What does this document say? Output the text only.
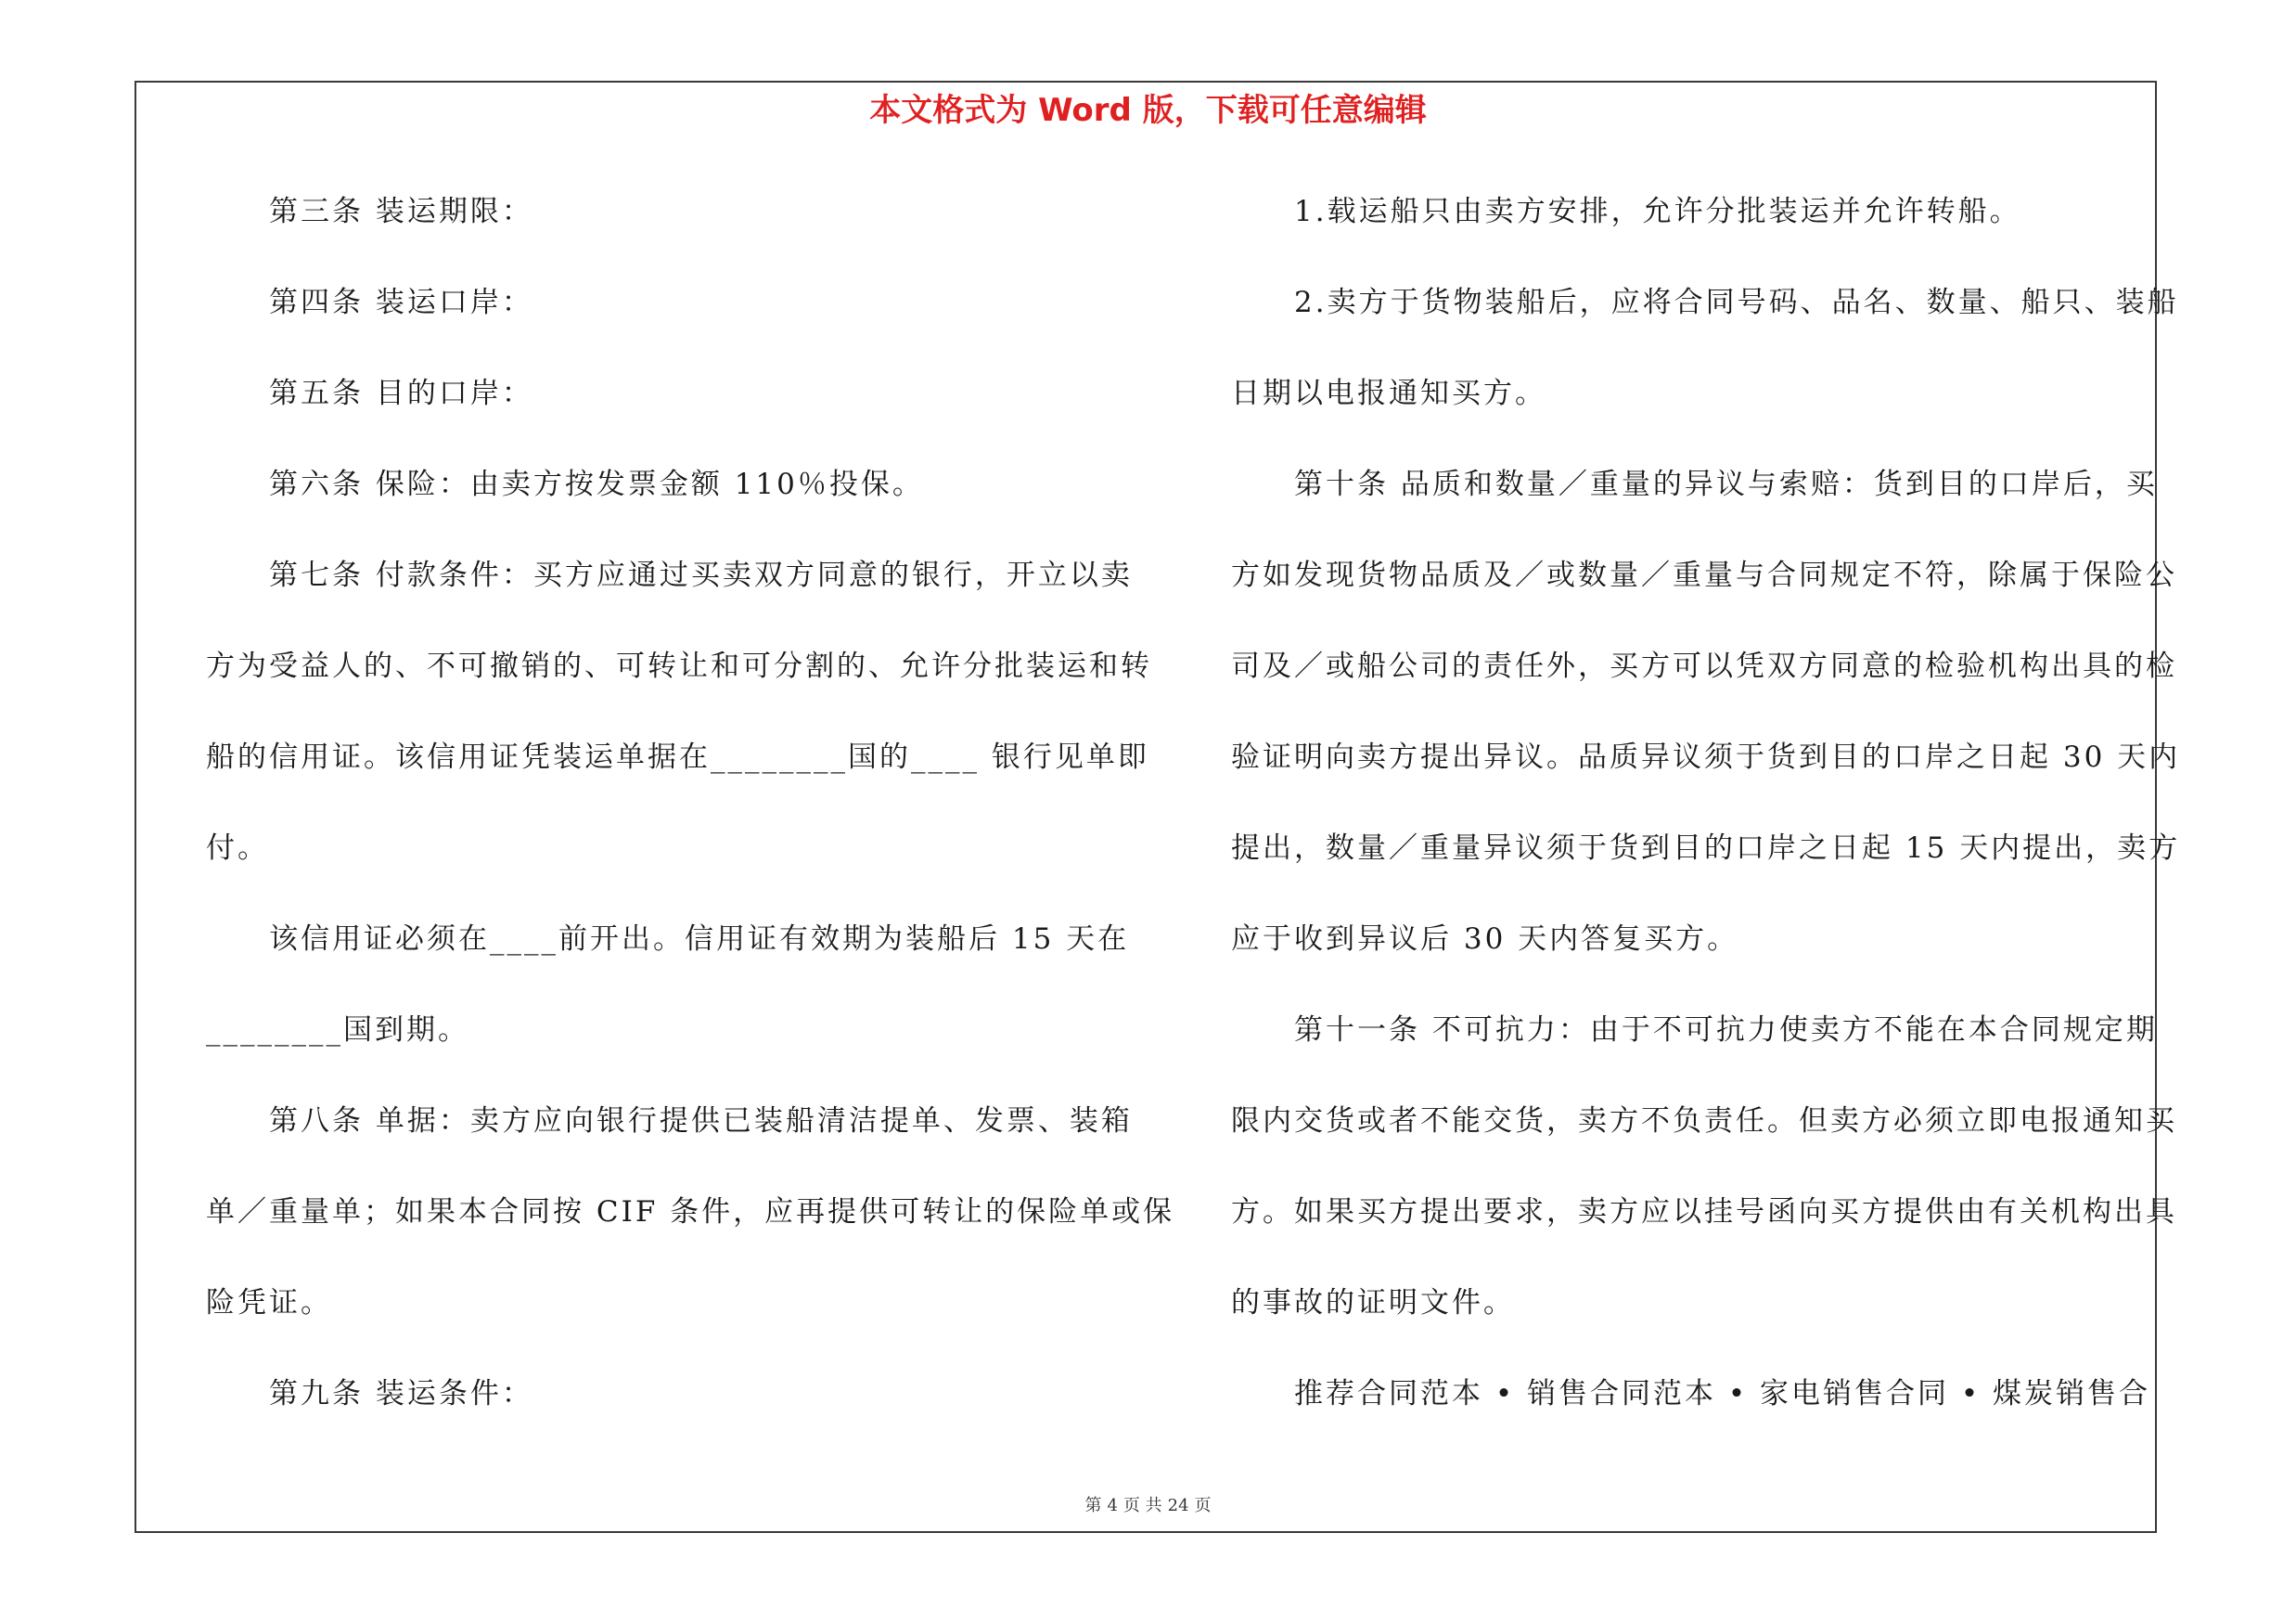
本文格式为 Word 版，下载可任意编辑
第三条 装运期限：
第四条 装运口岸：
第五条 目的口岸：
第六条 保险：由卖方按发票金额 110％投保。
第七条 付款条件：买方应通过买卖双方同意的银行，开立以卖
方为受益人的、不可撤销的、可转让和可分割的、允许分批装运和转
船的信用证。该信用证凭装运单据在________国的____ 银行见单即
付。
该信用证必须在____前开出。信用证有效期为装船后 15 天在
________国到期。
第八条 单据：卖方应向银行提供已装船清洁提单、发票、装箱
单／重量单；如果本合同按 CIF 条件，应再提供可转让的保险单或保
险凭证。
第九条 装运条件：
1.载运船只由卖方安排，允许分批装运并允许转船。
2.卖方于货物装船后，应将合同号码、品名、数量、船只、装船
日期以电报通知买方。
第十条 品质和数量／重量的异议与索赔：货到目的口岸后，买
方如发现货物品质及／或数量／重量与合同规定不符，除属于保险公
司及／或船公司的责任外，买方可以凭双方同意的检验机构出具的检
验证明向卖方提出异议。品质异议须于货到目的口岸之日起 30 天内
提出，数量／重量异议须于货到目的口岸之日起 15 天内提出，卖方
应于收到异议后 30 天内答复买方。
第十一条 不可抗力：由于不可抗力使卖方不能在本合同规定期
限内交货或者不能交货，卖方不负责任。但卖方必须立即电报通知买
方。如果买方提出要求，卖方应以挂号函向买方提供由有关机构出具
的事故的证明文件。
推荐合同范本 • 销售合同范本 • 家电销售合同 • 煤炭销售合
第 4 页 共 24 页
